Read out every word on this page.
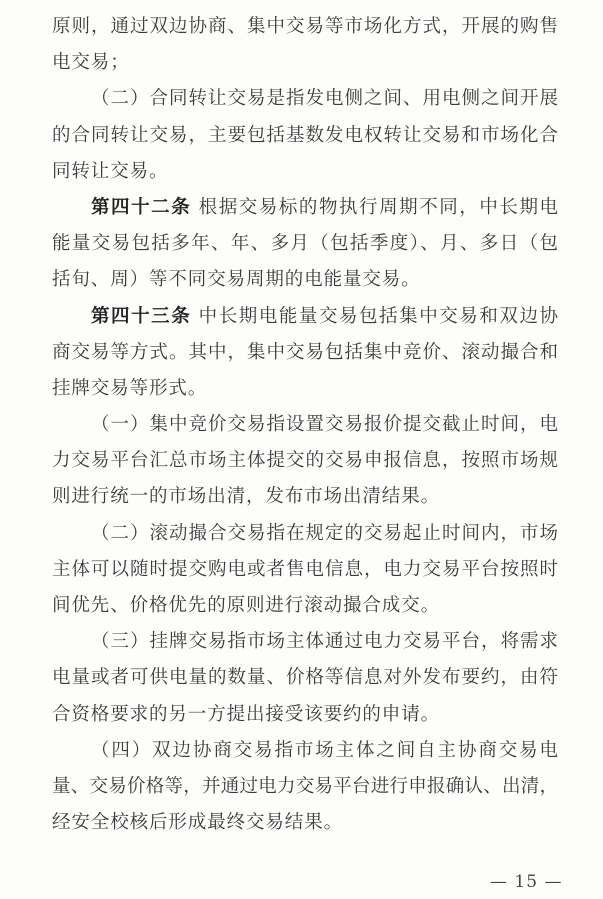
原则，通过双边协商、集中交易等市场化方式，开展的购售
电交易；
（二）合同转让交易是指发电侧之间、用电侧之间开展
的合同转让交易，主要包括基数发电权转让交易和市场化合
同转让交易。
第四十二条 根据交易标的物执行周期不同，中长期电
能量交易包括多年、年、多月（包括季度）、月、多日（包
括旬、周）等不同交易周期的电能量交易。
第四十三条 中长期电能量交易包括集中交易和双边协
商交易等方式。其中，集中交易包括集中竞价、滚动撮合和
挂牌交易等形式。
（一）集中竞价交易指设置交易报价提交截止时间，电
力交易平台汇总市场主体提交的交易申报信息，按照市场规
则进行统一的市场出清，发布市场出清结果。
（二）滚动撮合交易指在规定的交易起止时间内，市场
主体可以随时提交购电或者售电信息，电力交易平台按照时
间优先、价格优先的原则进行滚动撮合成交。
（三）挂牌交易指市场主体通过电力交易平台，将需求
电量或者可供电量的数量、价格等信息对外发布要约，由符
合资格要求的另一方提出接受该要约的申请。
（四）双边协商交易指市场主体之间自主协商交易电
量、交易价格等，并通过电力交易平台进行申报确认、出清，
经安全校核后形成最终交易结果。
— 15 —
